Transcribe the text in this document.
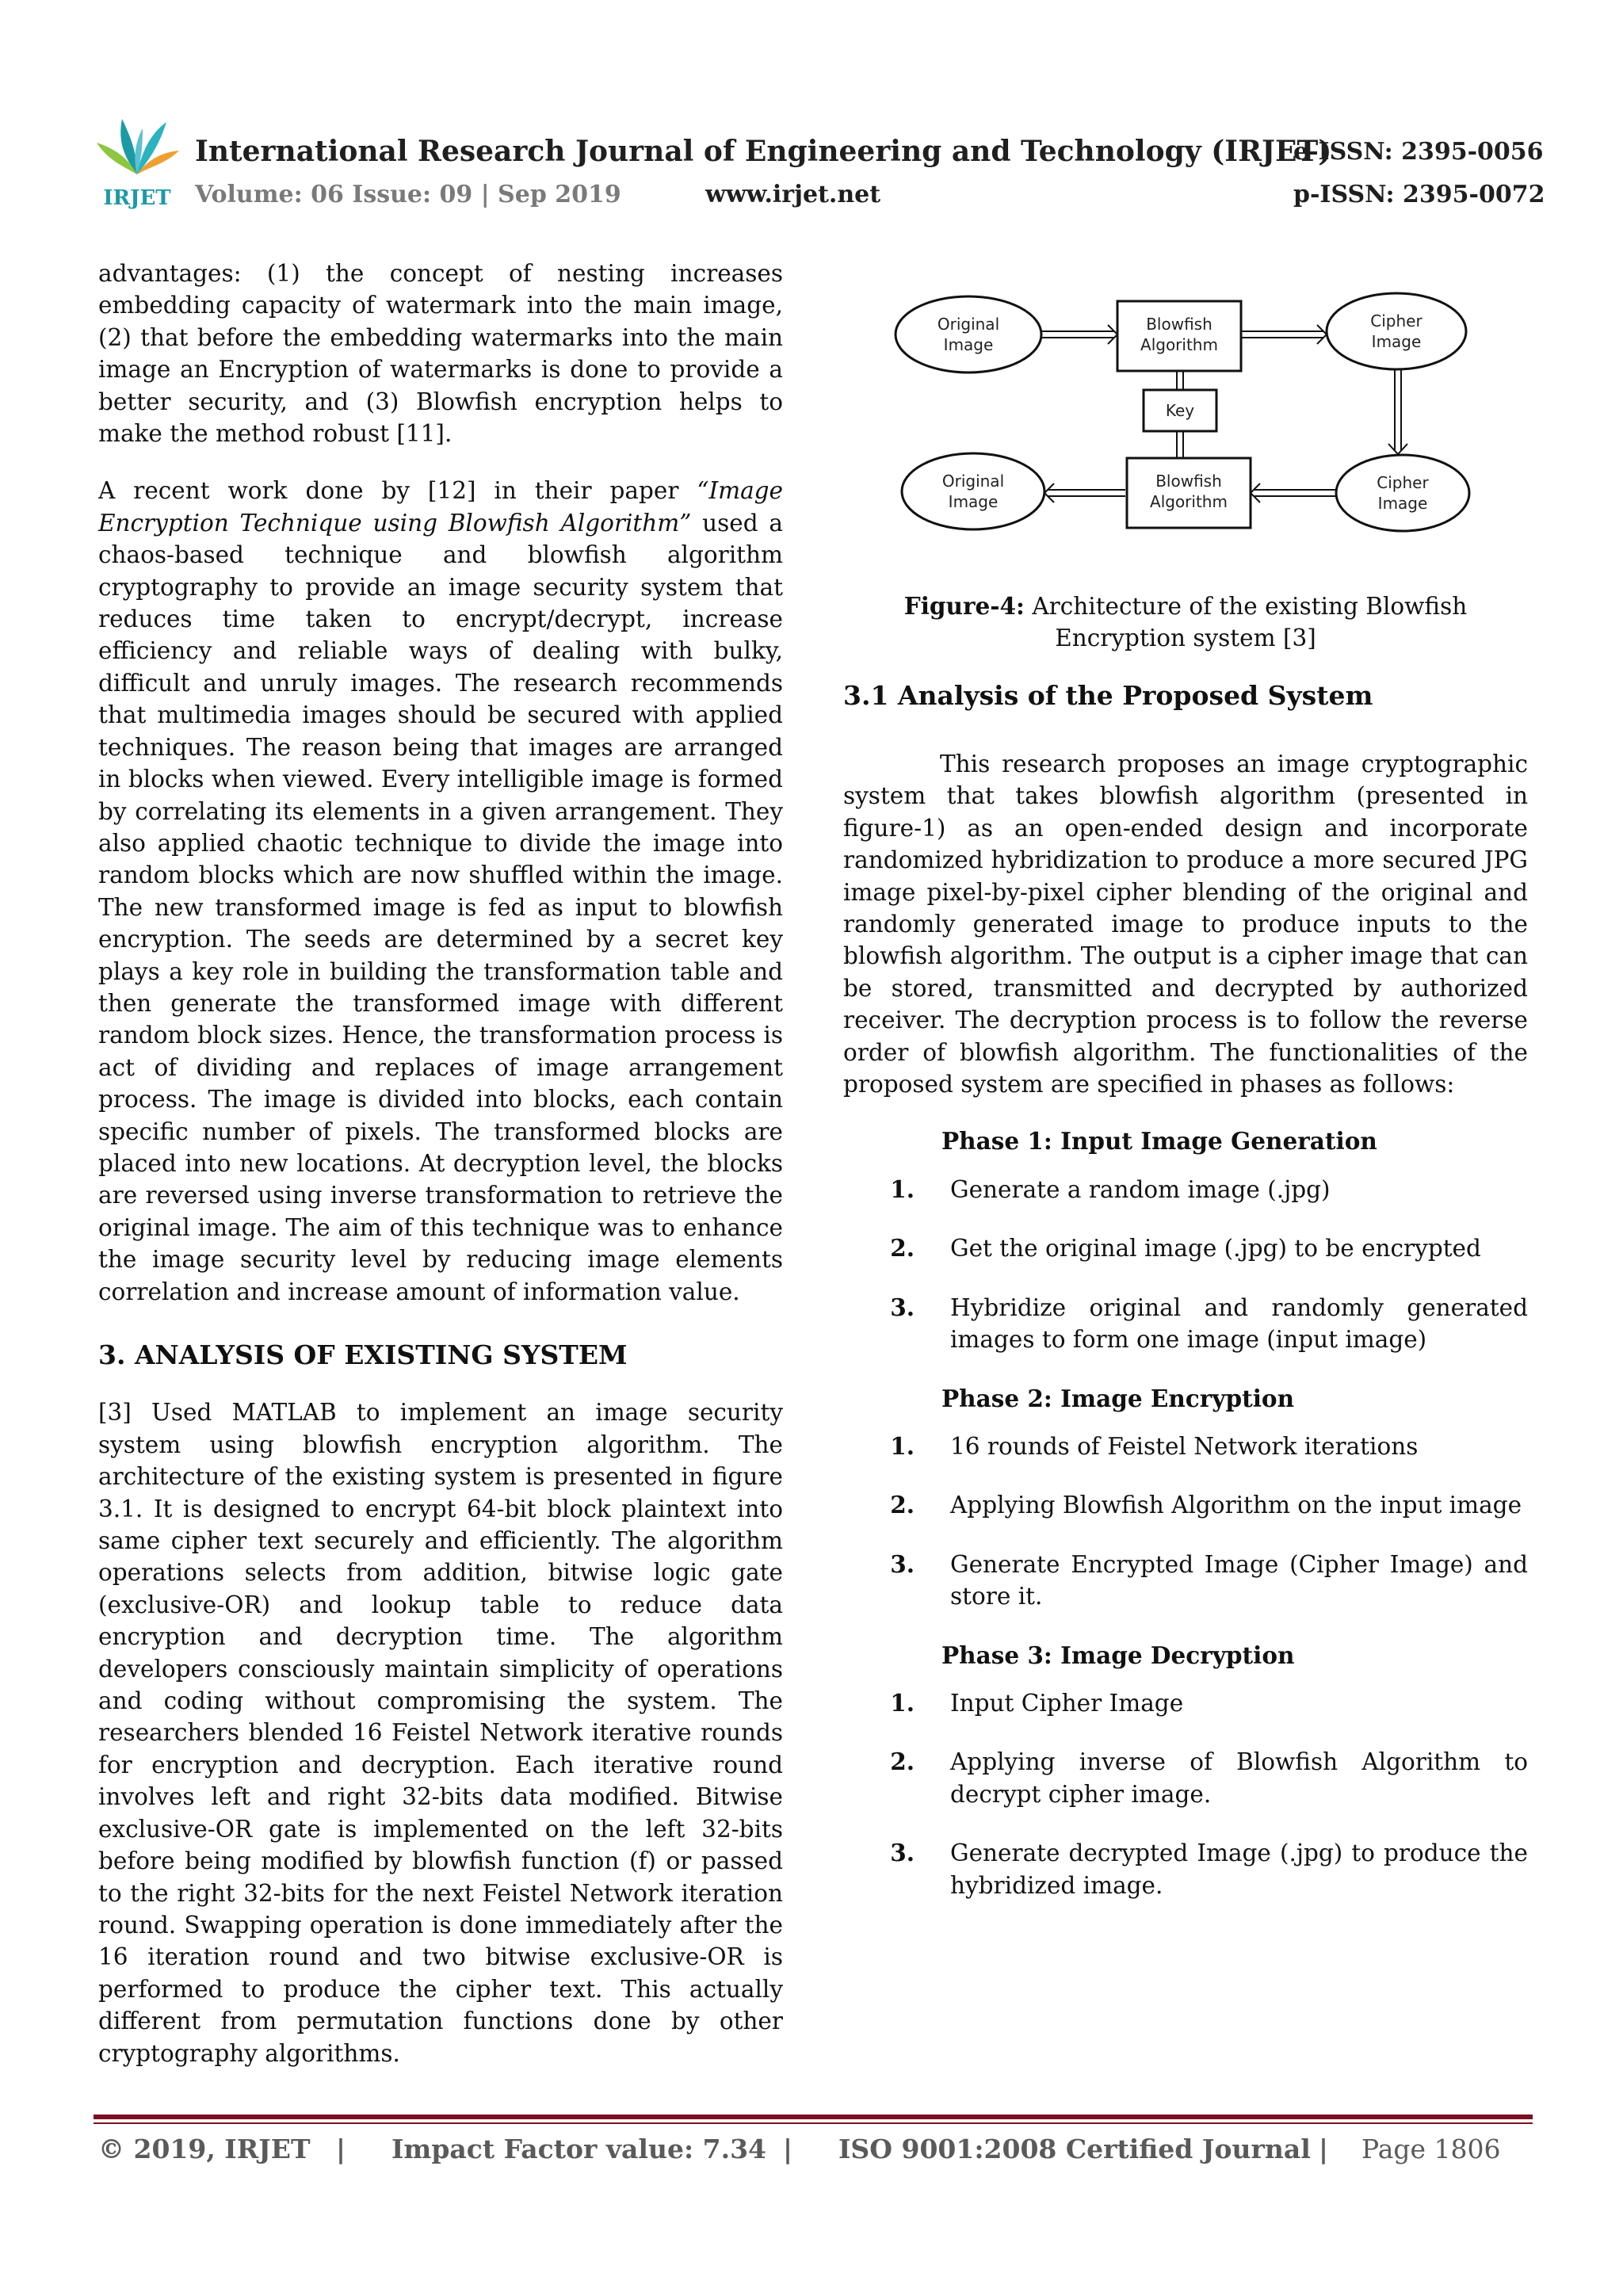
IRJET
International Research Journal of Engineering and Technology (IRJET)
e-ISSN: 2395-0056
Volume: 06 Issue: 09 | Sep 2019	www.irjet.net	p-ISSN: 2395-0072

advantages: (1) the concept of nesting increases embedding capacity of watermark into the main image, (2) that before the embedding watermarks into the main image an Encryption of watermarks is done to provide a better security, and (3) Blowfish encryption helps to make the method robust [11].

A recent work done by [12] in their paper “Image Encryption Technique using Blowfish Algorithm” used a chaos-based technique and blowfish algorithm cryptography to provide an image security system that reduces time taken to encrypt/decrypt, increase efficiency and reliable ways of dealing with bulky, difficult and unruly images. The research recommends that multimedia images should be secured with applied techniques. The reason being that images are arranged in blocks when viewed. Every intelligible image is formed by correlating its elements in a given arrangement. They also applied chaotic technique to divide the image into random blocks which are now shuffled within the image. The new transformed image is fed as input to blowfish encryption. The seeds are determined by a secret key plays a key role in building the transformation table and then generate the transformed image with different random block sizes. Hence, the transformation process is act of dividing and replaces of image arrangement process. The image is divided into blocks, each contain specific number of pixels. The transformed blocks are placed into new locations. At decryption level, the blocks are reversed using inverse transformation to retrieve the original image. The aim of this technique was to enhance the image security level by reducing image elements correlation and increase amount of information value.

3. ANALYSIS OF EXISTING SYSTEM

[3] Used MATLAB to implement an image security system using blowfish encryption algorithm. The architecture of the existing system is presented in figure 3.1. It is designed to encrypt 64-bit block plaintext into same cipher text securely and efficiently. The algorithm operations selects from addition, bitwise logic gate (exclusive-OR) and lookup table to reduce data encryption and decryption time. The algorithm developers consciously maintain simplicity of operations and coding without compromising the system. The researchers blended 16 Feistel Network iterative rounds for encryption and decryption. Each iterative round involves left and right 32-bits data modified. Bitwise exclusive-OR gate is implemented on the left 32-bits before being modified by blowfish function (f) or passed to the right 32-bits for the next Feistel Network iteration round. Swapping operation is done immediately after the 16 iteration round and two bitwise exclusive-OR is performed to produce the cipher text. This actually different from permutation functions done by other cryptography algorithms.

Original
Image
Blowfish
Algorithm
Cipher
Image
Key
Original
Image
Blowfish
Algorithm
Cipher
Image
Figure-4: Architecture of the existing Blowfish Encryption system [3]
3.1 Analysis of the Proposed System

This research proposes an image cryptographic system that takes blowfish algorithm (presented in figure-1) as an open-ended design and incorporate randomized hybridization to produce a more secured JPG image pixel-by-pixel cipher blending of the original and randomly generated image to produce inputs to the blowfish algorithm. The output is a cipher image that can be stored, transmitted and decrypted by authorized receiver. The decryption process is to follow the reverse order of blowfish algorithm. The functionalities of the proposed system are specified in phases as follows:

Phase 1: Input Image Generation
1.	Generate a random image (.jpg)
2.	Get the original image (.jpg) to be encrypted
3.	Hybridize original and randomly generated images to form one image (input image)
Phase 2: Image Encryption
1.	16 rounds of Feistel Network iterations
2.	Applying Blowfish Algorithm on the input image
3.	Generate Encrypted Image (Cipher Image) and store it.
Phase 3: Image Decryption
1.	Input Cipher Image
2.	Applying inverse of Blowfish Algorithm to decrypt cipher image.
3.	Generate decrypted Image (.jpg) to produce the hybridized image.
© 2019, IRJET | Impact Factor value: 7.34 | ISO 9001:2008 Certified Journal | Page 1806
